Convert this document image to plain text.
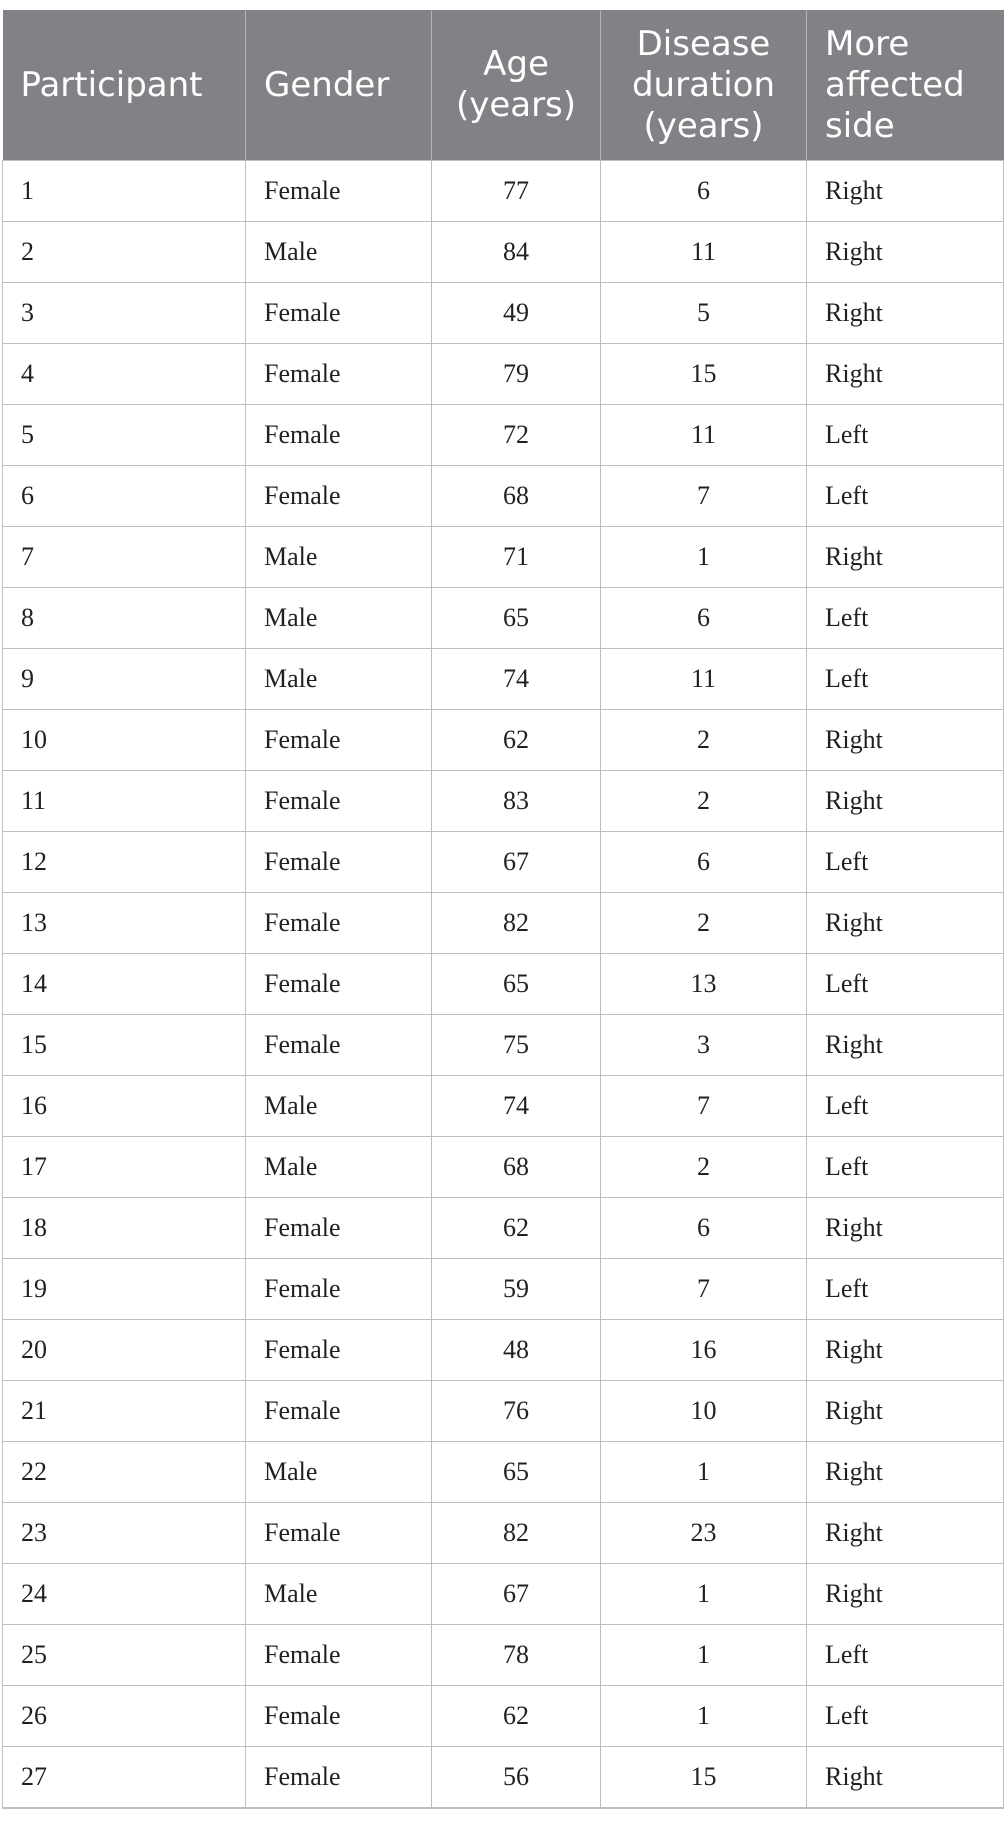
Participant	Gender	Age (years)	Disease duration (years)	More affected side
1	Female	77	6	Right
2	Male	84	11	Right
3	Female	49	5	Right
4	Female	79	15	Right
5	Female	72	11	Left
6	Female	68	7	Left
7	Male	71	1	Right
8	Male	65	6	Left
9	Male	74	11	Left
10	Female	62	2	Right
11	Female	83	2	Right
12	Female	67	6	Left
13	Female	82	2	Right
14	Female	65	13	Left
15	Female	75	3	Right
16	Male	74	7	Left
17	Male	68	2	Left
18	Female	62	6	Right
19	Female	59	7	Left
20	Female	48	16	Right
21	Female	76	10	Right
22	Male	65	1	Right
23	Female	82	23	Right
24	Male	67	1	Right
25	Female	78	1	Left
26	Female	62	1	Left
27	Female	56	15	Right
